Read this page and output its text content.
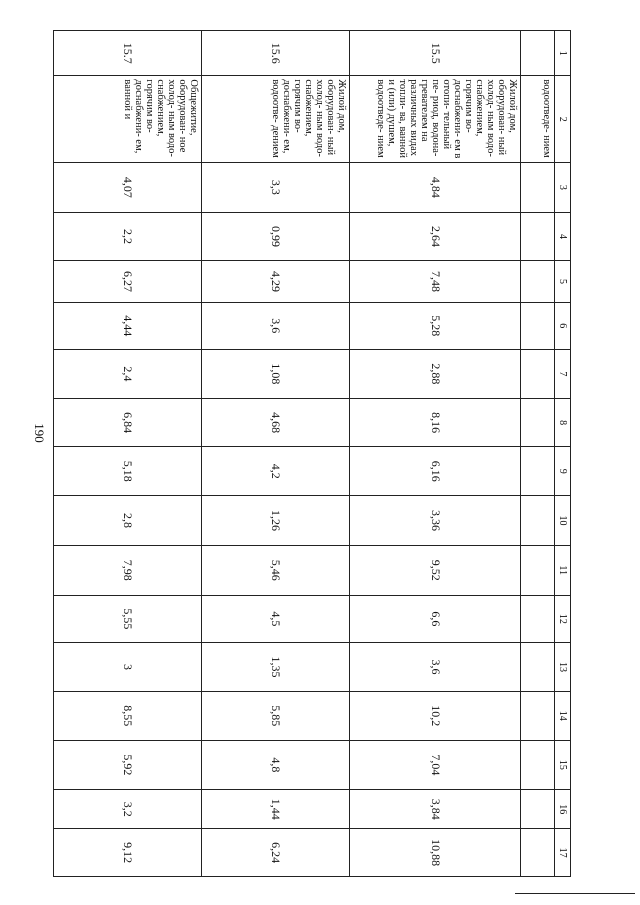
190
1	2	3	4	5	6	7	8	9	10	11	12	13	14	15	16	17
	водоотведе- нием															
15.5	Жилой дом, оборудован- ный холод- ным водо- снабжением, горячим во- доснабжени- ем в отопи- тельный пе- риод, водона- гревателем на различных видах топли- ва, ванной и (или) душем, водоотведе- нием	4,84	2,64	7,48	5,28	2,88	8,16	6,16	3,36	9,52	6,6	3,6	10,2	7,04	3,84	10,88
15.6	Жилой дом, оборудован- ный холод- ным водо- снабжением, горячим во- доснабжени- ем, водоотве- дением	3,3	0,99	4,29	3,6	1,08	4,68	4,2	1,26	5,46	4,5	1,35	5,85	4,8	1,44	6,24
15.7	Общежитие, оборудован- ное холод- ным водо- снабжением, горячим во- доснабжени- ем, ванной и	4,07	2,2	6,27	4,44	2,4	6,84	5,18	2,8	7,98	5,55	3	8,55	5,92	3,2	9,12
